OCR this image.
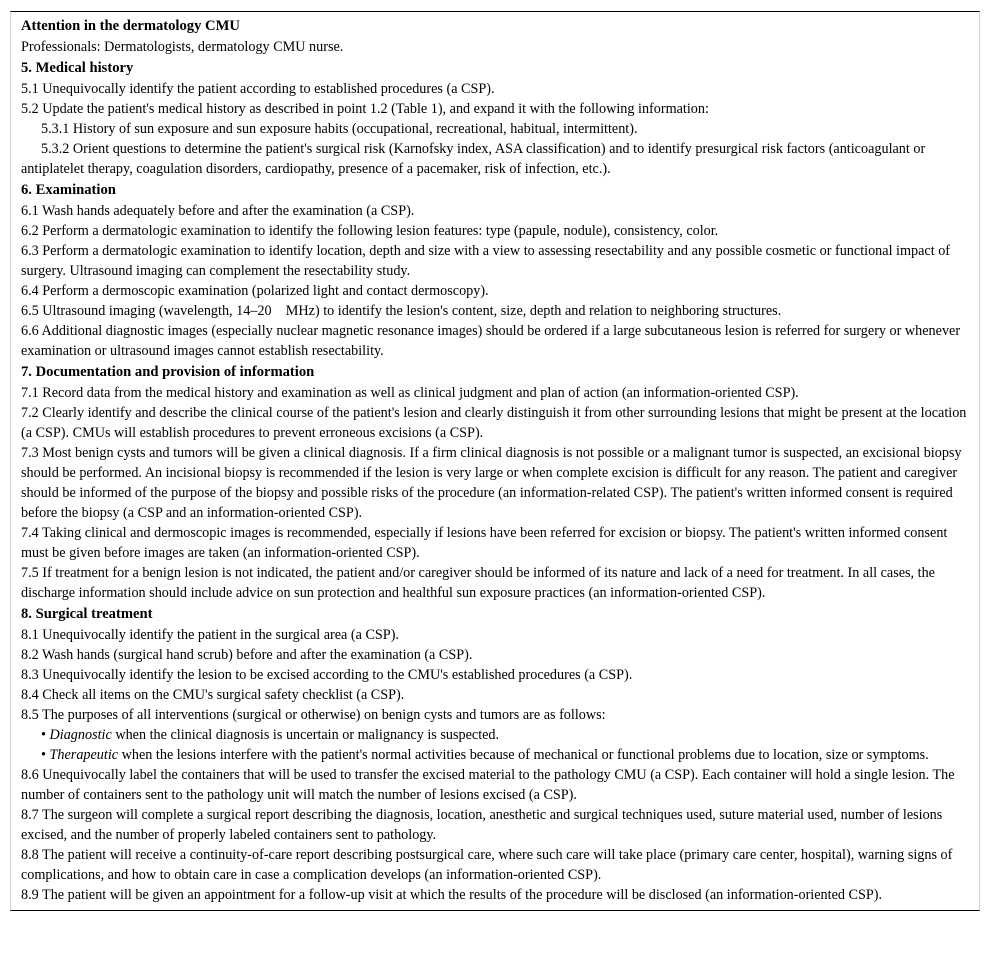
Attention in the dermatology CMU
Professionals: Dermatologists, dermatology CMU nurse.
5. Medical history
5.1 Unequivocally identify the patient according to established procedures (a CSP).
5.2 Update the patient's medical history as described in point 1.2 (Table 1), and expand it with the following information:
5.3.1 History of sun exposure and sun exposure habits (occupational, recreational, habitual, intermittent).
5.3.2 Orient questions to determine the patient's surgical risk (Karnofsky index, ASA classification) and to identify presurgical risk factors (anticoagulant or antiplatelet therapy, coagulation disorders, cardiopathy, presence of a pacemaker, risk of infection, etc.).
6. Examination
6.1 Wash hands adequately before and after the examination (a CSP).
6.2 Perform a dermatologic examination to identify the following lesion features: type (papule, nodule), consistency, color.
6.3 Perform a dermatologic examination to identify location, depth and size with a view to assessing resectability and any possible cosmetic or functional impact of surgery. Ultrasound imaging can complement the resectability study.
6.4 Perform a dermoscopic examination (polarized light and contact dermoscopy).
6.5 Ultrasound imaging (wavelength, 14–20 MHz) to identify the lesion's content, size, depth and relation to neighboring structures.
6.6 Additional diagnostic images (especially nuclear magnetic resonance images) should be ordered if a large subcutaneous lesion is referred for surgery or whenever examination or ultrasound images cannot establish resectability.
7. Documentation and provision of information
7.1 Record data from the medical history and examination as well as clinical judgment and plan of action (an information-oriented CSP).
7.2 Clearly identify and describe the clinical course of the patient's lesion and clearly distinguish it from other surrounding lesions that might be present at the location (a CSP). CMUs will establish procedures to prevent erroneous excisions (a CSP).
7.3 Most benign cysts and tumors will be given a clinical diagnosis. If a firm clinical diagnosis is not possible or a malignant tumor is suspected, an excisional biopsy should be performed. An incisional biopsy is recommended if the lesion is very large or when complete excision is difficult for any reason. The patient and caregiver should be informed of the purpose of the biopsy and possible risks of the procedure (an information-related CSP). The patient's written informed consent is required before the biopsy (a CSP and an information-oriented CSP).
7.4 Taking clinical and dermoscopic images is recommended, especially if lesions have been referred for excision or biopsy. The patient's written informed consent must be given before images are taken (an information-oriented CSP).
7.5 If treatment for a benign lesion is not indicated, the patient and/or caregiver should be informed of its nature and lack of a need for treatment. In all cases, the discharge information should include advice on sun protection and healthful sun exposure practices (an information-oriented CSP).
8. Surgical treatment
8.1 Unequivocally identify the patient in the surgical area (a CSP).
8.2 Wash hands (surgical hand scrub) before and after the examination (a CSP).
8.3 Unequivocally identify the lesion to be excised according to the CMU's established procedures (a CSP).
8.4 Check all items on the CMU's surgical safety checklist (a CSP).
8.5 The purposes of all interventions (surgical or otherwise) on benign cysts and tumors are as follows:
• Diagnostic when the clinical diagnosis is uncertain or malignancy is suspected.
• Therapeutic when the lesions interfere with the patient's normal activities because of mechanical or functional problems due to location, size or symptoms.
8.6 Unequivocally label the containers that will be used to transfer the excised material to the pathology CMU (a CSP). Each container will hold a single lesion. The number of containers sent to the pathology unit will match the number of lesions excised (a CSP).
8.7 The surgeon will complete a surgical report describing the diagnosis, location, anesthetic and surgical techniques used, suture material used, number of lesions excised, and the number of properly labeled containers sent to pathology.
8.8 The patient will receive a continuity-of-care report describing postsurgical care, where such care will take place (primary care center, hospital), warning signs of complications, and how to obtain care in case a complication develops (an information-oriented CSP).
8.9 The patient will be given an appointment for a follow-up visit at which the results of the procedure will be disclosed (an information-oriented CSP).
